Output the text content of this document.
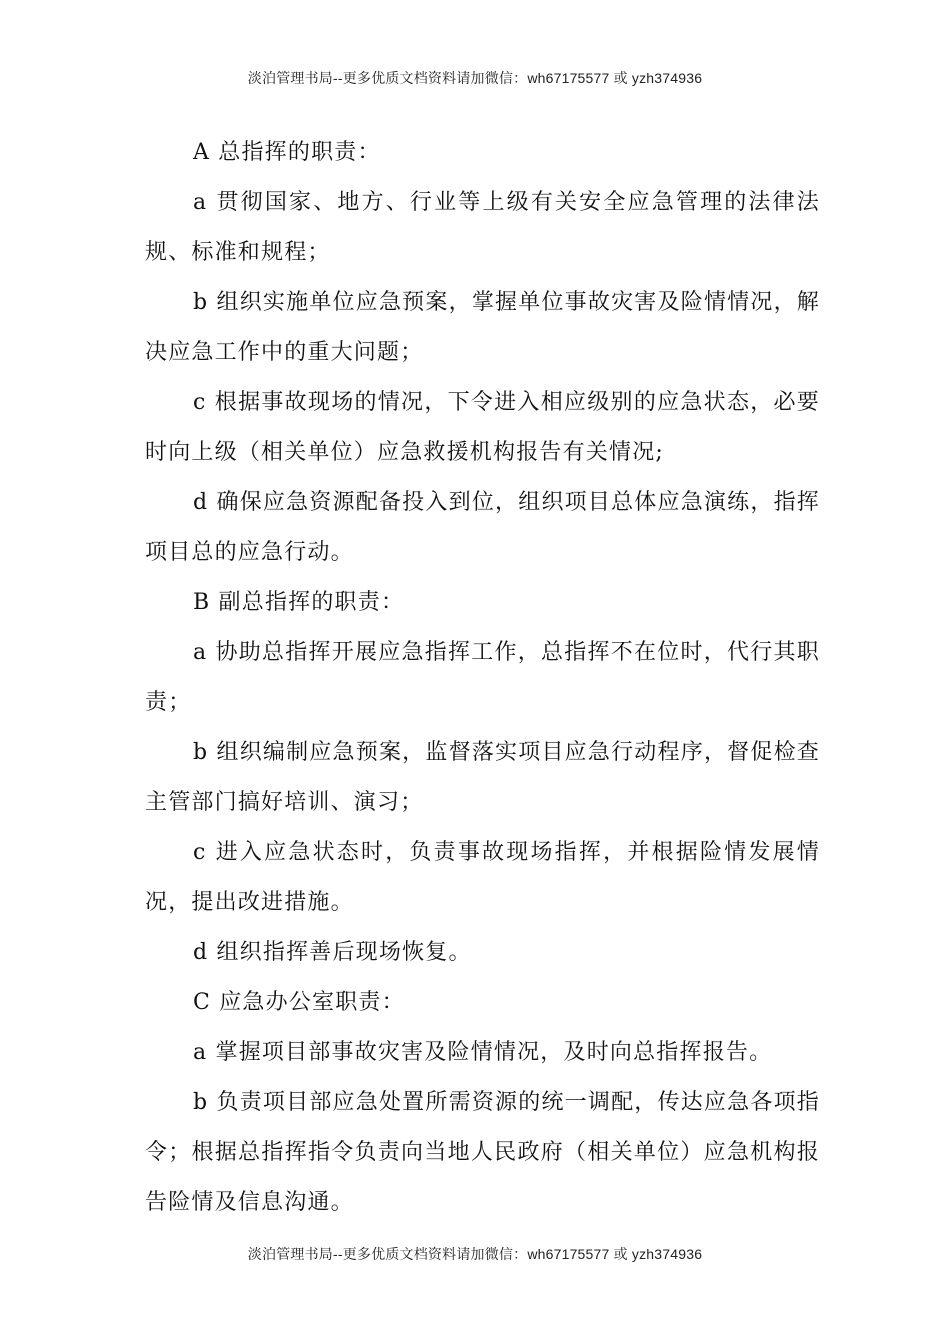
淡泊管理书局--更多优质文档资料请加微信：wh67175577 或 yzh374936

A 总指挥的职责：

a 贯彻国家、地方、行业等上级有关安全应急管理的法律法规、标准和规程；

b 组织实施单位应急预案，掌握单位事故灾害及险情情况，解决应急工作中的重大问题；

c 根据事故现场的情况，下令进入相应级别的应急状态，必要时向上级（相关单位）应急救援机构报告有关情况;

d 确保应急资源配备投入到位，组织项目总体应急演练，指挥项目总的应急行动。

B 副总指挥的职责：

a 协助总指挥开展应急指挥工作，总指挥不在位时，代行其职责；

b 组织编制应急预案，监督落实项目应急行动程序，督促检查主管部门搞好培训、演习；

c 进入应急状态时，负责事故现场指挥，并根据险情发展情况，提出改进措施。

d 组织指挥善后现场恢复。

C 应急办公室职责：

a 掌握项目部事故灾害及险情情况，及时向总指挥报告。

b 负责项目部应急处置所需资源的统一调配，传达应急各项指令；根据总指挥指令负责向当地人民政府（相关单位）应急机构报告险情及信息沟通。

淡泊管理书局--更多优质文档资料请加微信：wh67175577 或 yzh374936
